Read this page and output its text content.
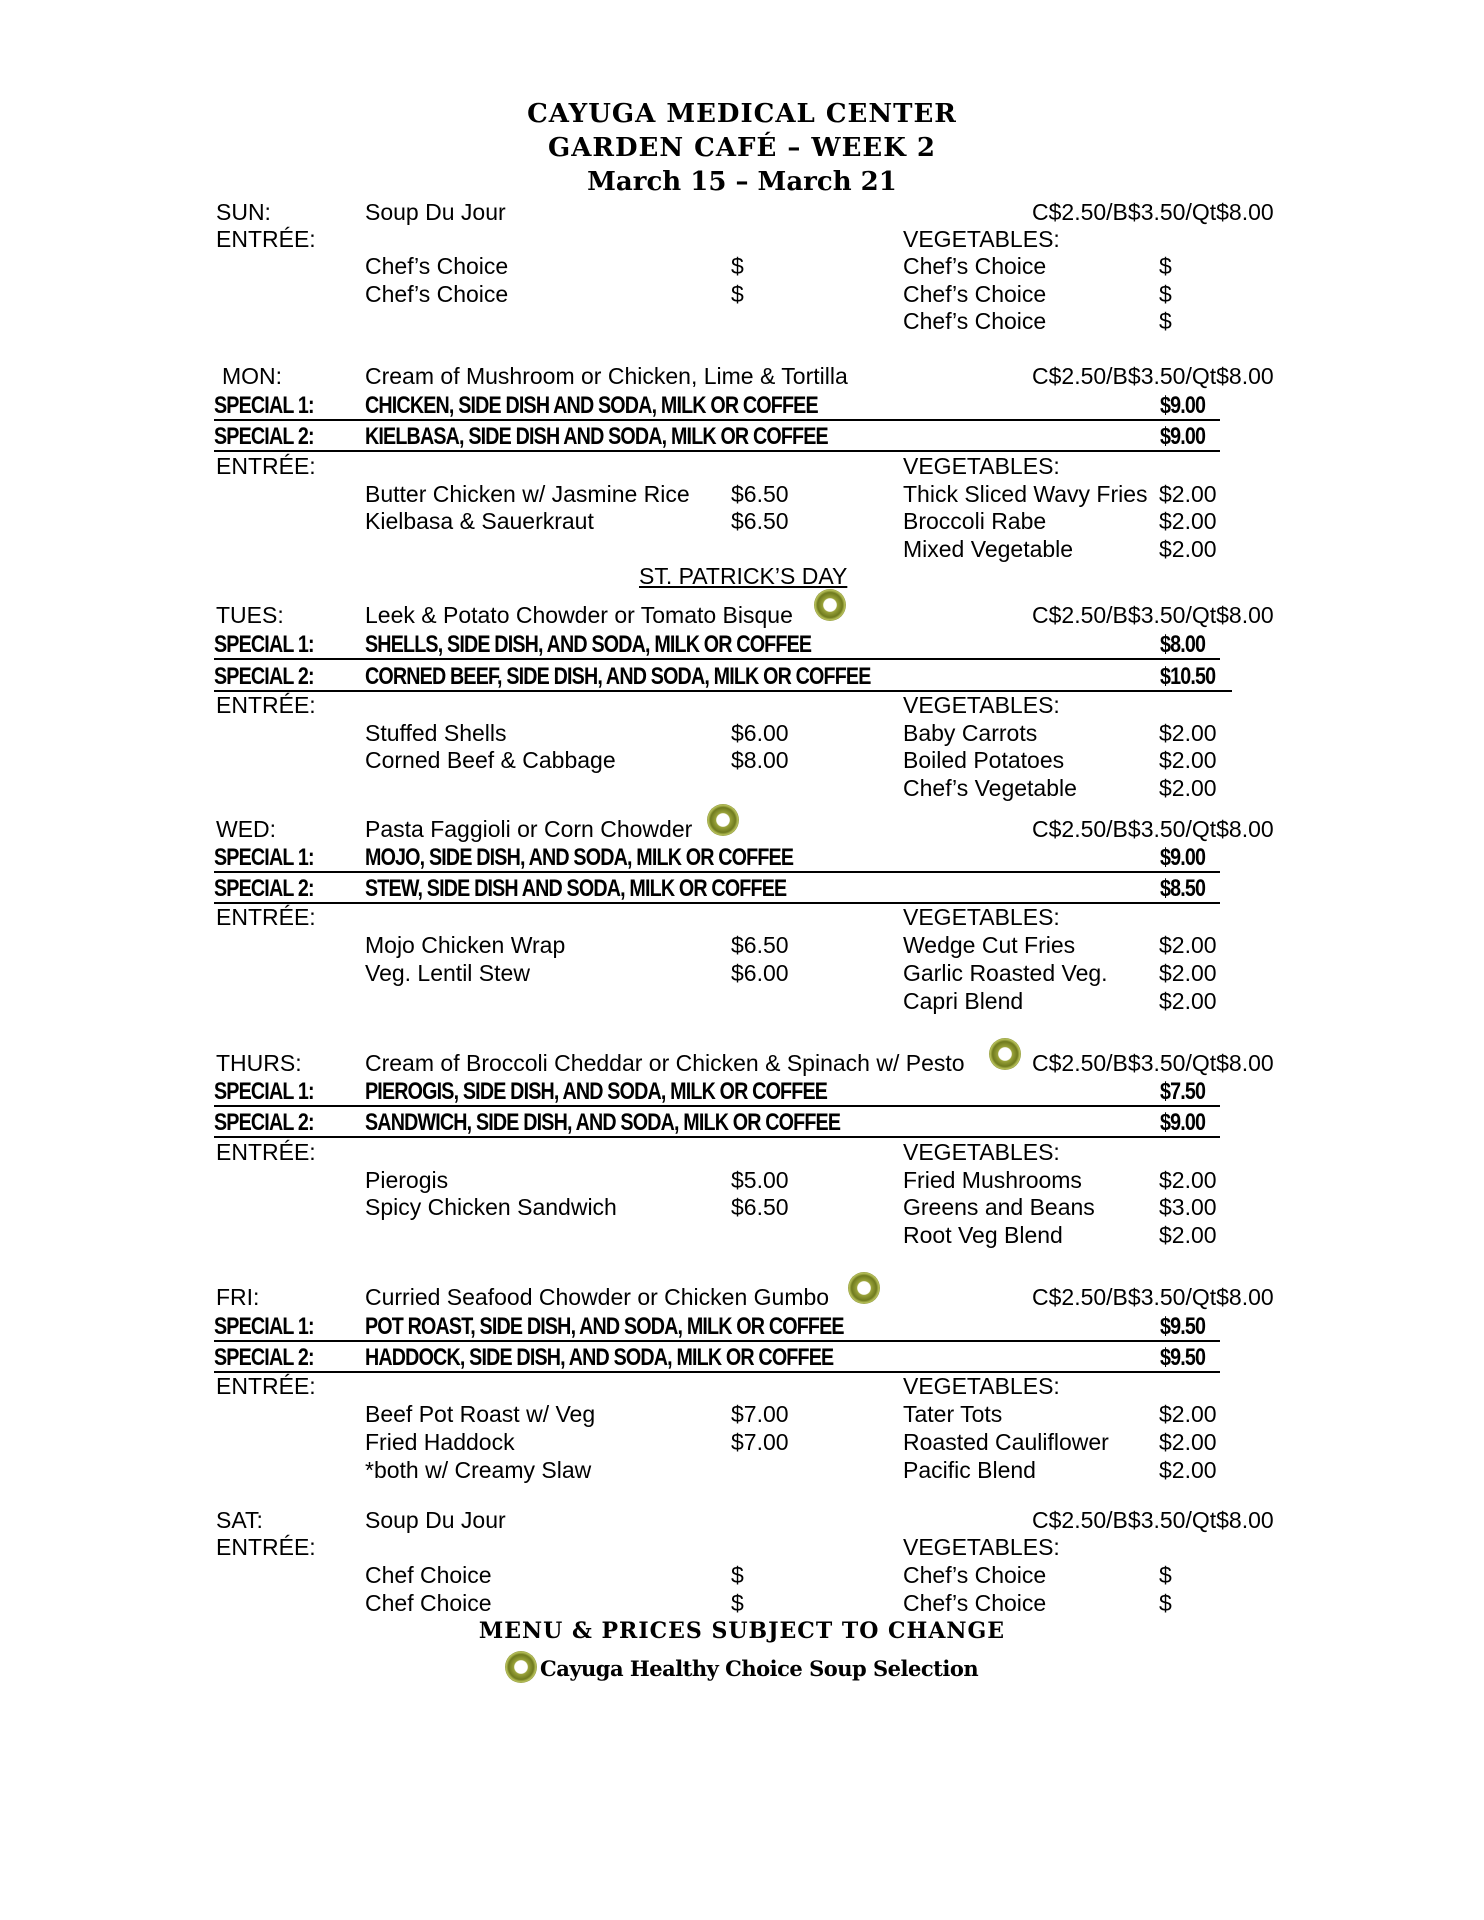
CAYUGA MEDICAL CENTER
GARDEN CAFÉ – WEEK 2
March 15 – March 21
SUN:	Soup Du Jour	C$2.50/B$3.50/Qt$8.00
ENTRÉE:	VEGETABLES:
Chef’s Choice	$
Chef’s Choice	$
Chef’s Choice	$
Chef’s Choice	$
Chef’s Choice	$
MON:	Cream of Mushroom or Chicken, Lime & Tortilla	C$2.50/B$3.50/Qt$8.00
SPECIAL 1: CHICKEN, SIDE DISH AND SODA, MILK OR COFFEE	$9.00
SPECIAL 2: KIELBASA, SIDE DISH AND SODA, MILK OR COFFEE	$9.00
ENTRÉE:	VEGETABLES:
Butter Chicken w/ Jasmine Rice $6.50
Kielbasa & Sauerkraut	$6.50
Thick Sliced Wavy Fries $2.00
Broccoli Rabe	$2.00
Mixed Vegetable	$2.00
ST. PATRICK’S DAY
TUES:	Leek & Potato Chowder or Tomato Bisque	C$2.50/B$3.50/Qt$8.00
SPECIAL 1: SHELLS, SIDE DISH, AND SODA, MILK OR COFFEE	$8.00
SPECIAL 2: CORNED BEEF, SIDE DISH, AND SODA, MILK OR COFFEE	$10.50
ENTRÉE:	VEGETABLES:
Stuffed Shells	$6.00
Corned Beef & Cabbage	$8.00
Baby Carrots	$2.00
Boiled Potatoes	$2.00
Chef’s Vegetable	$2.00
WED:	Pasta Faggioli or Corn Chowder	C$2.50/B$3.50/Qt$8.00
SPECIAL 1: MOJO, SIDE DISH, AND SODA, MILK OR COFFEE	$9.00
SPECIAL 2: STEW, SIDE DISH AND SODA, MILK OR COFFEE	$8.50
ENTRÉE:	VEGETABLES:
Mojo Chicken Wrap	$6.50
Veg. Lentil Stew	$6.00
Wedge Cut Fries	$2.00
Garlic Roasted Veg. $2.00
Capri Blend	$2.00
THURS:	Cream of Broccoli Cheddar or Chicken & Spinach w/ Pesto	C$2.50/B$3.50/Qt$8.00
SPECIAL 1: PIEROGIS, SIDE DISH, AND SODA, MILK OR COFFEE	$7.50
SPECIAL 2: SANDWICH, SIDE DISH, AND SODA, MILK OR COFFEE	$9.00
ENTRÉE:	VEGETABLES:
Pierogis	$5.00
Spicy Chicken Sandwich	$6.50
Fried Mushrooms	$2.00
Greens and Beans	$3.00
Root Veg Blend	$2.00
FRI:	Curried Seafood Chowder or Chicken Gumbo	C$2.50/B$3.50/Qt$8.00
SPECIAL 1: POT ROAST, SIDE DISH, AND SODA, MILK OR COFFEE	$9.50
SPECIAL 2: HADDOCK, SIDE DISH, AND SODA, MILK OR COFFEE	$9.50
ENTRÉE:	VEGETABLES:
Beef Pot Roast w/ Veg	$7.00
Fried Haddock	$7.00
*both w/ Creamy Slaw
Tater Tots	$2.00
Roasted Cauliflower $2.00
Pacific Blend	$2.00
SAT:	Soup Du Jour	C$2.50/B$3.50/Qt$8.00
ENTRÉE:	VEGETABLES:
Chef Choice	$
Chef Choice	$
Chef’s Choice	$
Chef’s Choice	$
MENU & PRICES SUBJECT TO CHANGE
Cayuga Healthy Choice Soup Selection
